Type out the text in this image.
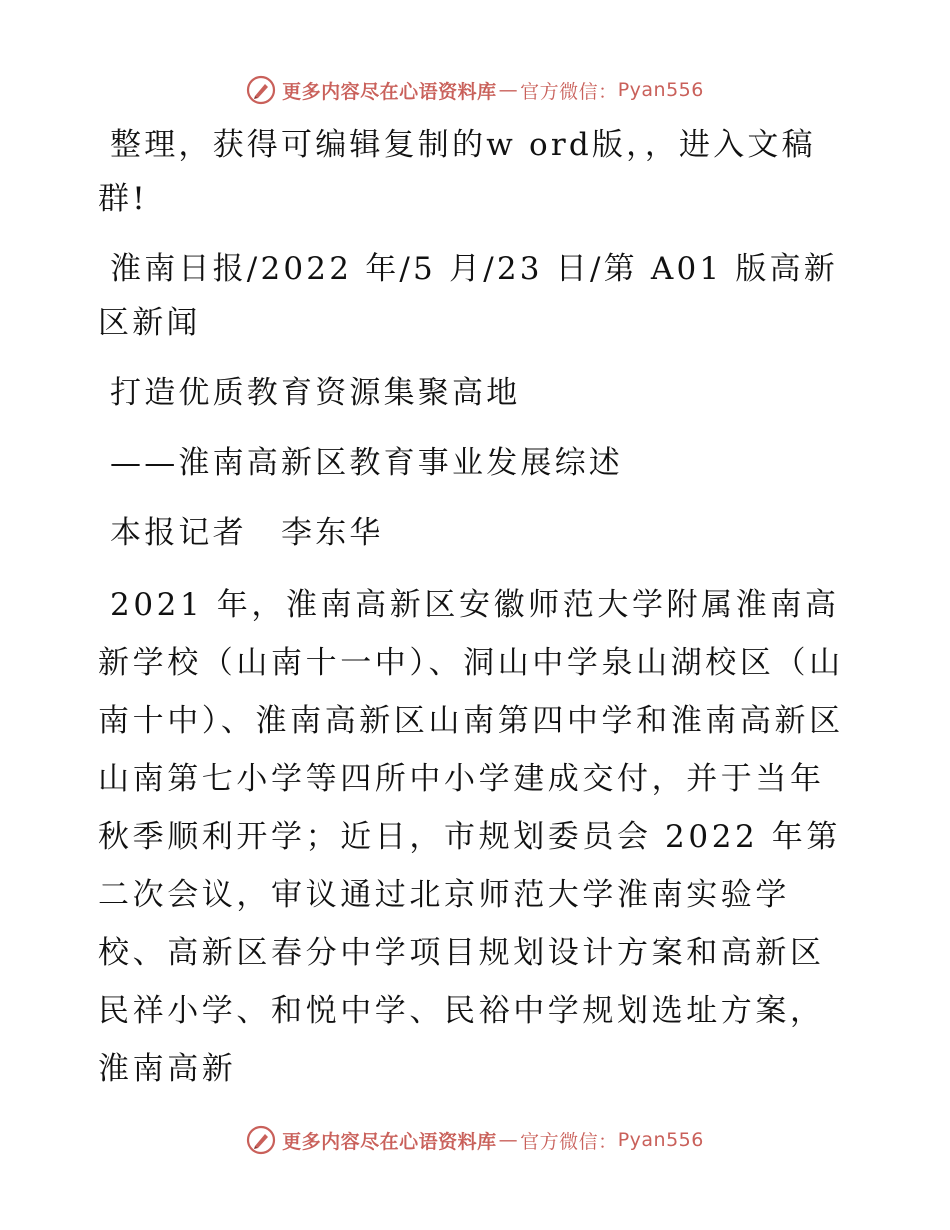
更多内容尽在心语资料库 — 官方微信： Pyan556

整理，获得可编辑复制的w ord版，，进入文稿群!

淮南日报/2022 年/5 月/23 日/第 A01 版高新区新闻

打造优质教育资源集聚高地

——淮南高新区教育事业发展综述

本报记者　李东华

2021 年，淮南高新区安徽师范大学附属淮南高新学校（山南十一中）、洞山中学泉山湖校区（山南十中）、淮南高新区山南第四中学和淮南高新区山南第七小学等四所中小学建成交付，并于当年秋季顺利开学；近日，市规划委员会 2022 年第二次会议，审议通过北京师范大学淮南实验学校、高新区春分中学项目规划设计方案和高新区民祥小学、和悦中学、民裕中学规划选址方案，淮南高新

更多内容尽在心语资料库 — 官方微信： Pyan556
